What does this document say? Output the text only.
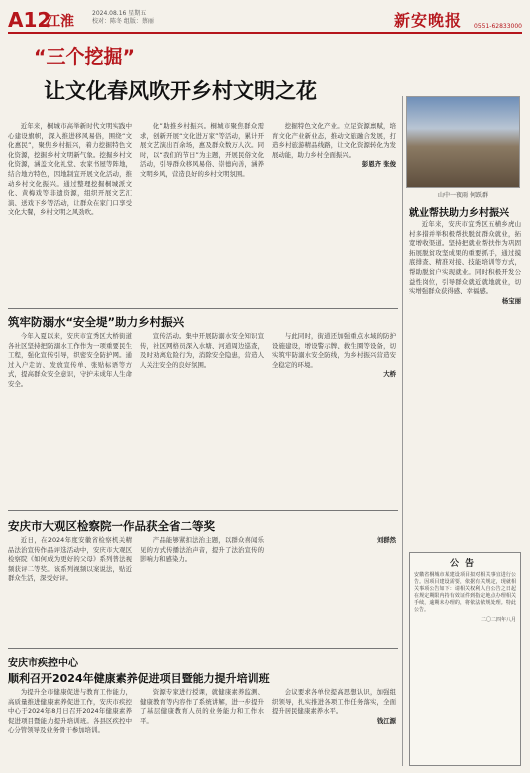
A12
江淮
2024.08.16 星期五
校对：陈冬 组版：蔡丽	新安晚报 0551-62833000
“三个挖掘”
让文化春风吹开乡村文明之花

近年来，桐城市高举新时代文明实践中心建设旗帜，深入推进移风易俗，围绕“文化惠民”，聚焦乡村振兴，着力挖掘特色文化资源，挖掘乡村文明新气象。挖掘乡村文化资源，涵盖文化礼堂、农家书屋等阵地，结合地方特色，因地制宜开展文化活动，推动乡村文化振兴。通过整理挖掘桐城派文化、黄梅戏等非遗资源，组织开展文艺汇演、送戏下乡等活动，让群众在家门口享受文化大餐，乡村文明之风劲吹。

化”助推乡村振兴。桐城市聚焦群众需求，创新开展“文化进万家”等活动，累计开展文艺演出百余场，惠及群众数万人次。同时，以“我们的节日”为主题，开展民俗文化活动，引导群众移风易俗、崇德向善，涵养文明乡风，营造良好的乡村文明氛围。

挖掘特色文化产业。立足资源禀赋，培育文化产业新业态，推动文旅融合发展，打造乡村旅游精品线路，让文化资源转化为发展动能，助力乡村全面振兴。

彭恩齐 张俊
山中一夜雨 何跃群
就业帮扶助力乡村振兴

近年来，安庆市宜秀区五横乡虎山村多措并举积极帮扶脱贫群众就业，拓宽增收渠道。坚持把就业帮扶作为巩固拓展脱贫攻坚成果的重要抓手，通过摸底排查、精准对接、技能培训等方式，帮助脱贫户实现就业。同时积极开发公益性岗位，引导群众就近就地就业，切实增强群众获得感、幸福感。

杨宝丽
筑牢防溺水“安全堤”助力乡村振兴

今年入夏以来，安庆市宜秀区大桥街道各社区坚持把防溺水工作作为一项重要民生工程，强化宣传引导，织密安全防护网。通过入户走访、发放宣传单、张贴标语等方式，提高群众安全意识，守护未成年人生命安全。

宣传活动。集中开展防溺水安全知识宣传，社区网格员深入水塘、河道周边巡查，及时劝离危险行为，消除安全隐患，营造人人关注安全的良好氛围。

与此同时，街道还加强重点水域的防护设施建设，增设警示牌、救生圈等设备，切实筑牢防溺水安全防线，为乡村振兴营造安全稳定的环境。

大桥
安庆市大观区检察院一作品获全省二等奖

近日，在2024年度安徽省检察机关精品法治宣传作品评选活动中，安庆市大观区检察院《如何成为更好的父母》系列普法视频获评二等奖。该系列视频以案说法，贴近群众生活，深受好评。

产品能够紧扣法治主题，以群众喜闻乐见的方式传播法治声音，提升了法治宣传的影响力和感染力。

刘群然
安庆市疾控中心
顺利召开2024年健康素养促进项目暨能力提升培训班

为提升全市健康促进与教育工作能力，高质量推进健康素养促进工作，安庆市疾控中心于2024年8月日召开2024年健康素养促进项目暨能力提升培训班。各县区疾控中心分管领导及业务骨干参加培训。

资源专家进行授课，就健康素养监测、健康教育等内容作了系统讲解，进一步提升了基层健康教育人员的业务能力和工作水平。

会议要求各单位提高思想认识，加强组织领导，扎实推进各项工作任务落实，全面提升居民健康素养水平。

钱江源
公告
安徽省桐城市某建设项目拟对相关事宜进行公告。因项目建设需要，依据有关规定，现就相关事项公告如下：请相关权利人自公告之日起在规定期限内持有效证件到指定地点办理相关手续，逾期未办理的，将依法依规处理。特此公告。
二〇二四年八月
